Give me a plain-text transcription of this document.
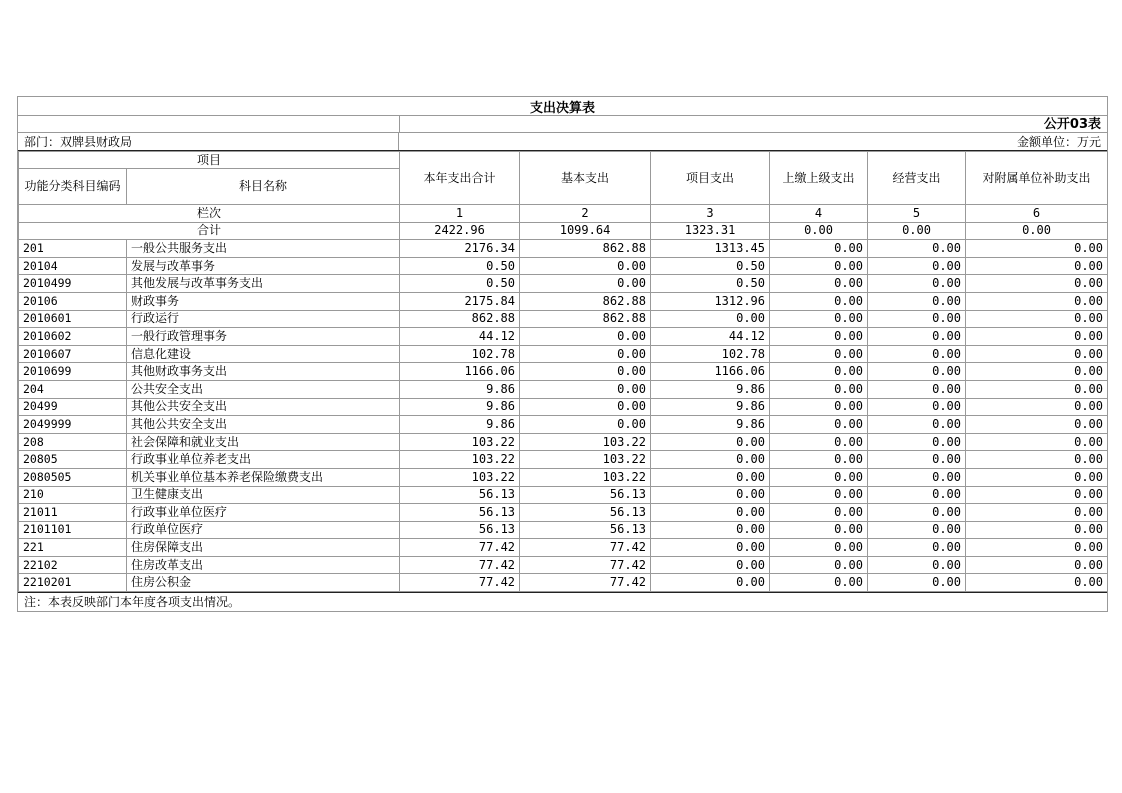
支出决算表
公开03表
部门：双牌县财政局	金额单位：万元
项目		本年支出合计	基本支出	项目支出	上缴上级支出	经营支出	对附属单位补助支出
功能分类科目编码	科目名称						
栏次		1	2	3	4	5	6
合计		2422.96	1099.64	1323.31	0.00	0.00	0.00
201	一般公共服务支出	2176.34	862.88	1313.45	0.00	0.00	0.00
20104	发展与改革事务	0.50	0.00	0.50	0.00	0.00	0.00
2010499	其他发展与改革事务支出	0.50	0.00	0.50	0.00	0.00	0.00
20106	财政事务	2175.84	862.88	1312.96	0.00	0.00	0.00
2010601	行政运行	862.88	862.88	0.00	0.00	0.00	0.00
2010602	一般行政管理事务	44.12	0.00	44.12	0.00	0.00	0.00
2010607	信息化建设	102.78	0.00	102.78	0.00	0.00	0.00
2010699	其他财政事务支出	1166.06	0.00	1166.06	0.00	0.00	0.00
204	公共安全支出	9.86	0.00	9.86	0.00	0.00	0.00
20499	其他公共安全支出	9.86	0.00	9.86	0.00	0.00	0.00
2049999	其他公共安全支出	9.86	0.00	9.86	0.00	0.00	0.00
208	社会保障和就业支出	103.22	103.22	0.00	0.00	0.00	0.00
20805	行政事业单位养老支出	103.22	103.22	0.00	0.00	0.00	0.00
2080505	机关事业单位基本养老保险缴费支出	103.22	103.22	0.00	0.00	0.00	0.00
210	卫生健康支出	56.13	56.13	0.00	0.00	0.00	0.00
21011	行政事业单位医疗	56.13	56.13	0.00	0.00	0.00	0.00
2101101	行政单位医疗	56.13	56.13	0.00	0.00	0.00	0.00
221	住房保障支出	77.42	77.42	0.00	0.00	0.00	0.00
22102	住房改革支出	77.42	77.42	0.00	0.00	0.00	0.00
2210201	住房公积金	77.42	77.42	0.00	0.00	0.00	0.00
注：本表反映部门本年度各项支出情况。
